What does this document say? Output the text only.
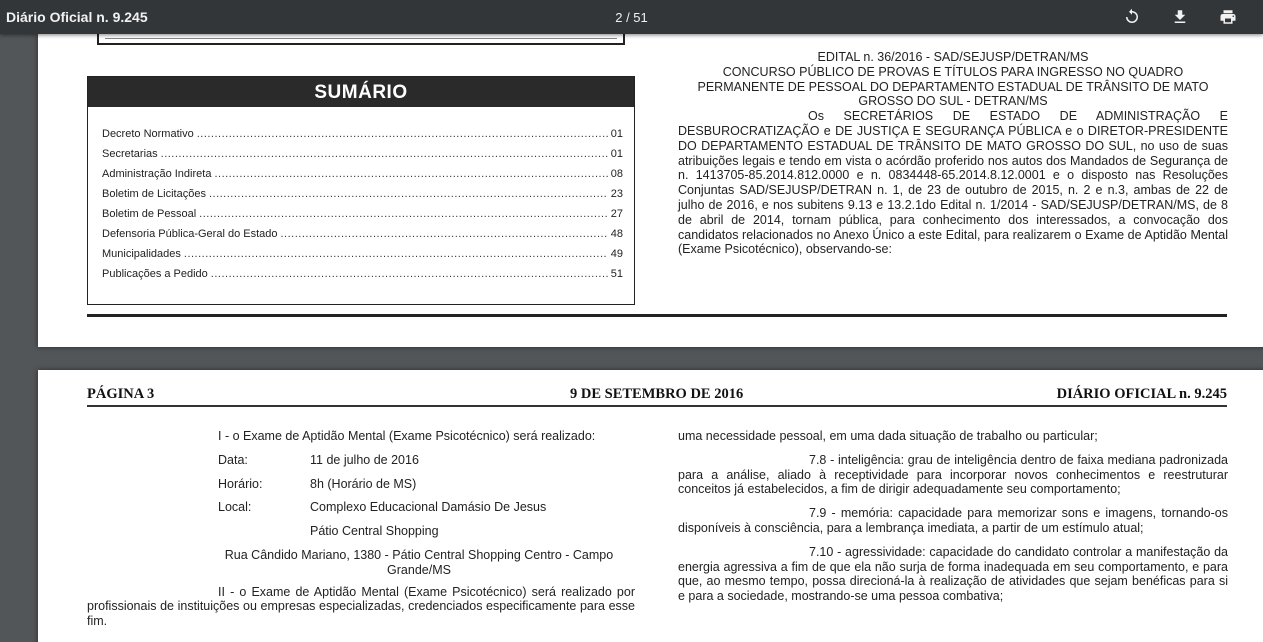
Diário Oficial n. 9.245	2 / 51
SUMÁRIO
Decreto Normativo .....	01
Secretarias .....	01
Administração Indireta .....	08
Boletim de Licitações .....	23
Boletim de Pessoal .....	27
Defensoria Pública-Geral do Estado .....	48
Municipalidades .....	49
Publicações a Pedido .....	51
EDITAL n. 36/2016 - SAD/SEJUSP/DETRAN/MS
CONCURSO PÚBLICO DE PROVAS E TÍTULOS PARA INGRESSO NO QUADRO PERMANENTE DE PESSOAL DO DEPARTAMENTO ESTADUAL DE TRÂNSITO DE MATO GROSSO DO SUL - DETRAN/MS
Os SECRETÁRIOS DE ESTADO DE ADMINISTRAÇÃO E DESBUROCRATIZAÇÃO e DE JUSTIÇA E SEGURANÇA PÚBLICA e o DIRETOR-PRESIDENTE DO DEPARTAMENTO ESTADUAL DE TRÂNSITO DE MATO GROSSO DO SUL, no uso de suas atribuições legais e tendo em vista o acórdão proferido nos autos dos Mandados de Segurança de n. 1413705-85.2014.812.0000 e n. 0834448-65.2014.8.12.0001 e o disposto nas Resoluções Conjuntas SAD/SEJUSP/DETRAN n. 1, de 23 de outubro de 2015, n. 2 e n.3, ambas de 22 de julho de 2016, e nos subitens 9.13 e 13.2.1do Edital n. 1/2014 - SAD/SEJUSP/DETRAN/MS, de 8 de abril de 2014, tornam pública, para conhecimento dos interessados, a convocação dos candidatos relacionados no Anexo Único a este Edital, para realizarem o Exame de Aptidão Mental (Exame Psicotécnico), observando-se:
PÁGINA 3	9 DE SETEMBRO DE 2016	DIÁRIO OFICIAL n. 9.245
I - o Exame de Aptidão Mental (Exame Psicotécnico) será realizado:
Data:	11 de julho de 2016
Horário:	8h (Horário de MS)
Local:	Complexo Educacional Damásio De Jesus
Pátio Central Shopping
Rua Cândido Mariano, 1380 - Pátio Central Shopping Centro - Campo Grande/MS
II - o Exame de Aptidão Mental (Exame Psicotécnico) será realizado por profissionais de instituições ou empresas especializadas, credenciados especificamente para esse fim.
uma necessidade pessoal, em uma dada situação de trabalho ou particular;
7.8 - inteligência: grau de inteligência dentro de faixa mediana padronizada para a análise, aliado à receptividade para incorporar novos conhecimentos e reestruturar conceitos já estabelecidos, a fim de dirigir adequadamente seu comportamento;
7.9 - memória: capacidade para memorizar sons e imagens, tornando-os disponíveis à consciência, para a lembrança imediata, a partir de um estímulo atual;
7.10 - agressividade: capacidade do candidato controlar a manifestação da energia agressiva a fim de que ela não surja de forma inadequada em seu comportamento, e para que, ao mesmo tempo, possa direcioná-la à realização de atividades que sejam benéficas para si e para a sociedade, mostrando-se uma pessoa combativa;
